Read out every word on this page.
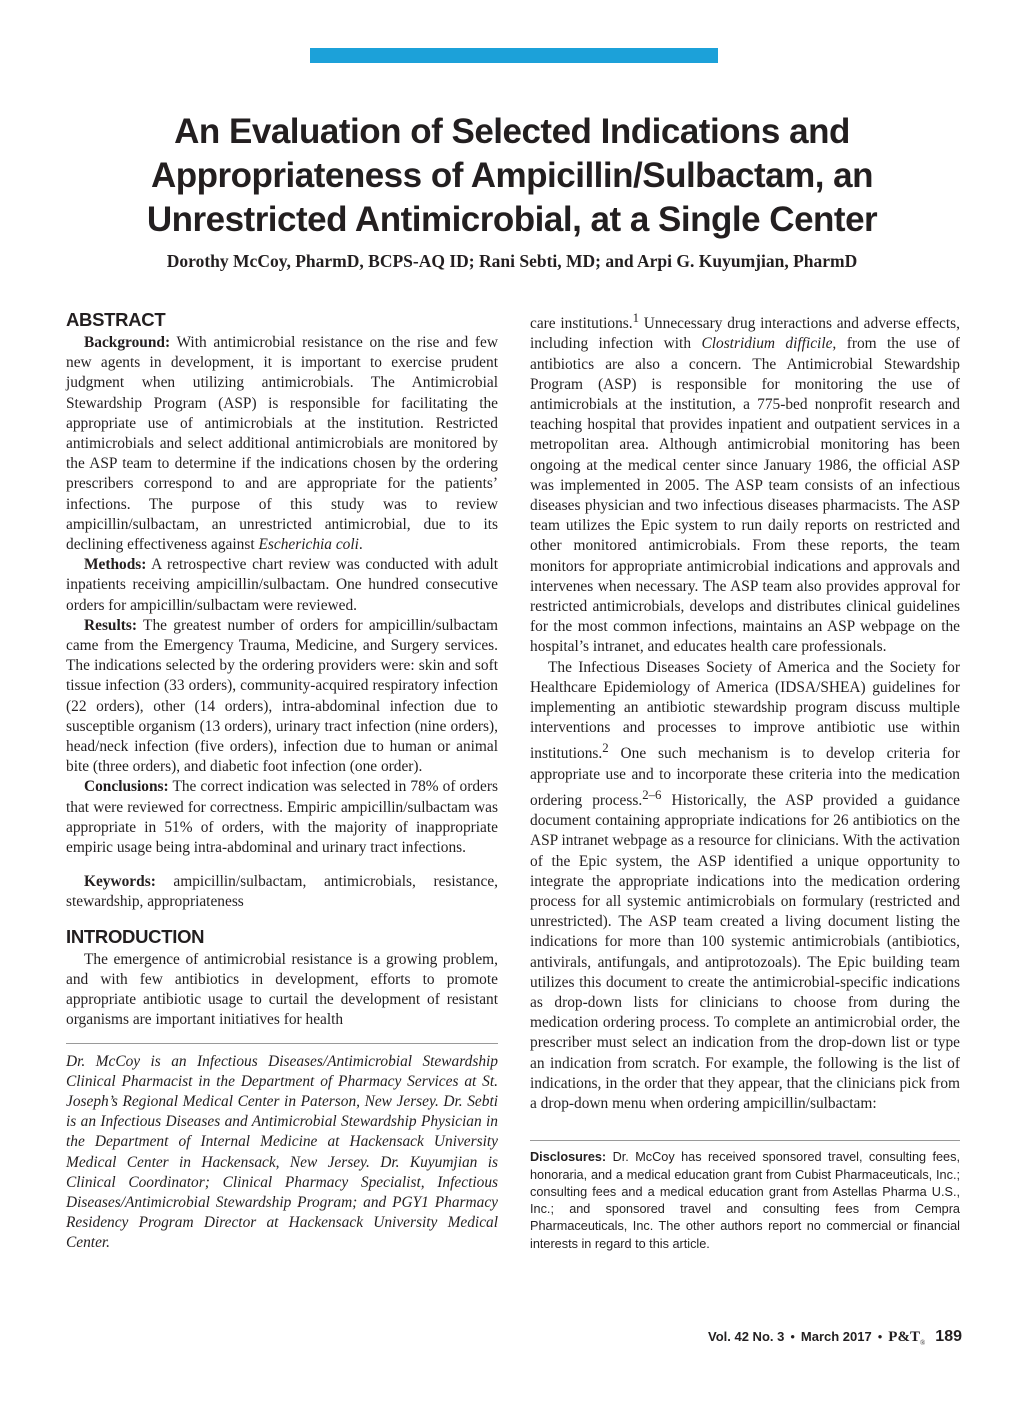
An Evaluation of Selected Indications and
Appropriateness of Ampicillin/Sulbactam, an
Unrestricted Antimicrobial, at a Single Center

Dorothy McCoy, PharmD, BCPS-AQ ID; Rani Sebti, MD; and Arpi G. Kuyumjian, PharmD

ABSTRACT

Background: With antimicrobial resistance on the rise and few new agents in development, it is important to exercise prudent judgment when utilizing antimicrobials. The Antimicrobial Stewardship Program (ASP) is responsible for facilitating the appropriate use of antimicrobials at the institution. Restricted antimicrobials and select additional antimicrobials are monitored by the ASP team to determine if the indications chosen by the ordering prescribers correspond to and are appropriate for the patients’ infections. The purpose of this study was to review ampicillin/sulbactam, an unrestricted antimicrobial, due to its declining effectiveness against Escherichia coli.

Methods: A retrospective chart review was conducted with adult inpatients receiving ampicillin/sulbactam. One hundred consecutive orders for ampicillin/sulbactam were reviewed.

Results: The greatest number of orders for ampicillin/sulbactam came from the Emergency Trauma, Medicine, and Surgery services. The indications selected by the ordering providers were: skin and soft tissue infection (33 orders), community-acquired respiratory infection (22 orders), other (14 orders), intra-abdominal infection due to susceptible organism (13 orders), urinary tract infection (nine orders), head/neck infection (five orders), infection due to human or animal bite (three orders), and diabetic foot infection (one order).

Conclusions: The correct indication was selected in 78% of orders that were reviewed for correctness. Empiric ampicillin/sulbactam was appropriate in 51% of orders, with the majority of inappropriate empiric usage being intra-abdominal and urinary tract infections.

Keywords: ampicillin/sulbactam, antimicrobials, resistance, stewardship, appropriateness

INTRODUCTION

The emergence of antimicrobial resistance is a growing problem, and with few antibiotics in development, efforts to promote appropriate antibiotic usage to curtail the development of resistant organisms are important initiatives for health

Dr. McCoy is an Infectious Diseases/Antimicrobial Stewardship Clinical Pharmacist in the Department of Pharmacy Services at St. Joseph’s Regional Medical Center in Paterson, New Jersey. Dr. Sebti is an Infectious Diseases and Antimicrobial Stewardship Physician in the Department of Internal Medicine at Hackensack University Medical Center in Hackensack, New Jersey. Dr. Kuyumjian is Clinical Coordinator; Clinical Pharmacy Specialist, Infectious Diseases/Antimicrobial Stewardship Program; and PGY1 Pharmacy Residency Program Director at Hackensack University Medical Center.

care institutions.$^1$ Unnecessary drug interactions and adverse effects, including infection with Clostridium difficile, from the use of antibiotics are also a concern. The Antimicrobial Stewardship Program (ASP) is responsible for monitoring the use of antimicrobials at the institution, a 775-bed nonprofit research and teaching hospital that provides inpatient and outpatient services in a metropolitan area. Although antimicrobial monitoring has been ongoing at the medical center since January 1986, the official ASP was implemented in 2005. The ASP team consists of an infectious diseases physician and two infectious diseases pharmacists. The ASP team utilizes the Epic system to run daily reports on restricted and other monitored antimicrobials. From these reports, the team monitors for appropriate antimicrobial indications and approvals and intervenes when necessary. The ASP team also provides approval for restricted antimicrobials, develops and distributes clinical guidelines for the most common infections, maintains an ASP webpage on the hospital’s intranet, and educates health care professionals.

The Infectious Diseases Society of America and the Society for Healthcare Epidemiology of America (IDSA/SHEA) guidelines for implementing an antibiotic stewardship program discuss multiple interventions and processes to improve antibiotic use within institutions.$^2$ One such mechanism is to develop criteria for appropriate use and to incorporate these criteria into the medication ordering process.$^{2-6}$ Historically, the ASP provided a guidance document containing appropriate indications for 26 antibiotics on the ASP intranet webpage as a resource for clinicians. With the activation of the Epic system, the ASP identified a unique opportunity to integrate the appropriate indications into the medication ordering process for all systemic antimicrobials on formulary (restricted and unrestricted). The ASP team created a living document listing the indications for more than 100 systemic antimicrobials (antibiotics, antivirals, antifungals, and antiprotozoals). The Epic building team utilizes this document to create the antimicrobial-specific indications as drop-down lists for clinicians to choose from during the medication ordering process. To complete an antimicrobial order, the prescriber must select an indication from the drop-down list or type an indication from scratch. For example, the following is the list of indications, in the order that they appear, that the clinicians pick from a drop-down menu when ordering ampicillin/sulbactam:

Disclosures: Dr. McCoy has received sponsored travel, consulting fees, honoraria, and a medical education grant from Cubist Pharmaceuticals, Inc.; consulting fees and a medical education grant from Astellas Pharma U.S., Inc.; and sponsored travel and consulting fees from Cempra Pharmaceuticals, Inc. The other authors report no commercial or financial interests in regard to this article.

Vol. 42 No. 3 • March 2017 • $P\&T_®$ 189
